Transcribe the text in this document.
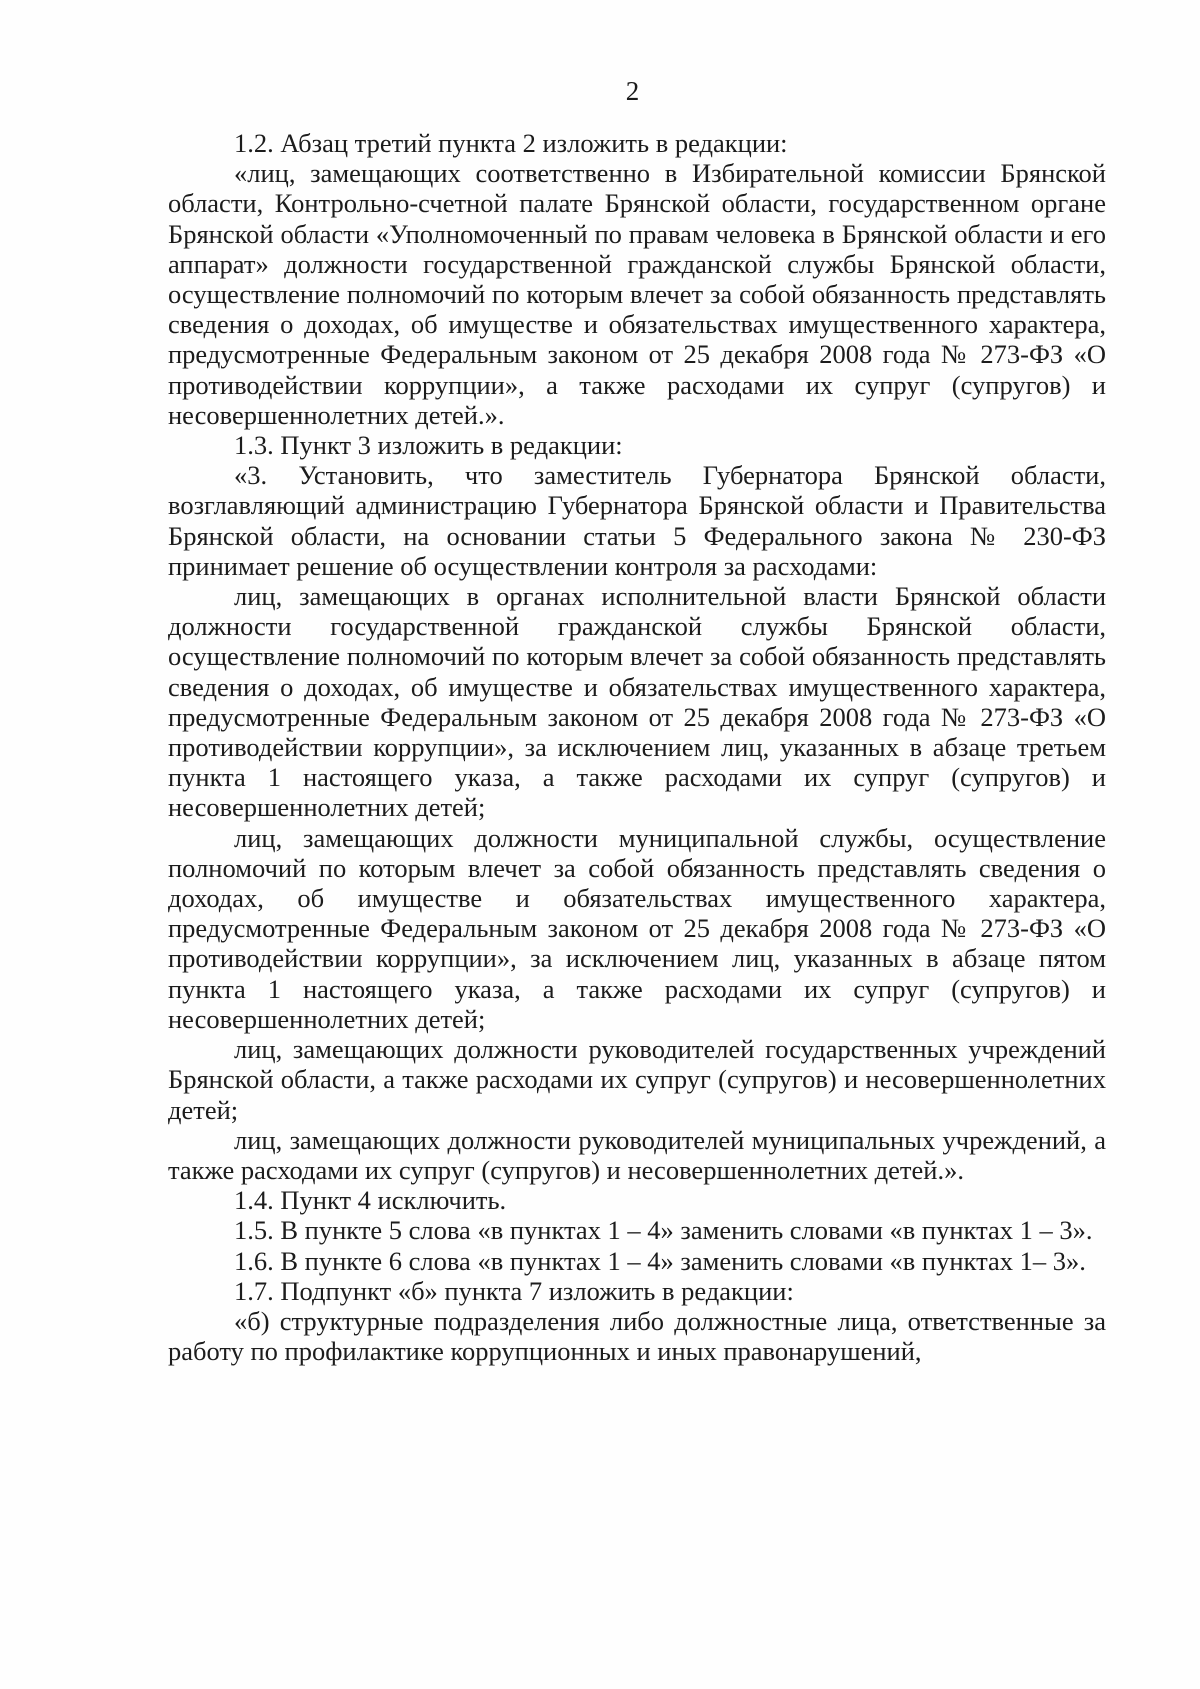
2

1.2. Абзац третий пункта 2 изложить в редакции:

«лиц, замещающих соответственно в Избирательной комиссии Брянской области, Контрольно-счетной палате Брянской области, государственном органе Брянской области «Уполномоченный по правам человека в Брянской области и его аппарат» должности государственной гражданской службы Брянской области, осуществление полномочий по которым влечет за собой обязанность представлять сведения о доходах, об имуществе и обязательствах имущественного характера, предусмотренные Федеральным законом от 25 декабря 2008 года № 273-ФЗ «О противодействии коррупции», а также расходами их супруг (супругов) и несовершеннолетних детей.».

1.3. Пункт 3 изложить в редакции:

«3. Установить, что заместитель Губернатора Брянской области, возглавляющий администрацию Губернатора Брянской области и Правительства Брянской области, на основании статьи 5 Федерального закона № 230-ФЗ принимает решение об осуществлении контроля за расходами:

лиц, замещающих в органах исполнительной власти Брянской области должности государственной гражданской службы Брянской области, осуществление полномочий по которым влечет за собой обязанность представлять сведения о доходах, об имуществе и обязательствах имущественного характера, предусмотренные Федеральным законом от 25 декабря 2008 года № 273-ФЗ «О противодействии коррупции», за исключением лиц, указанных в абзаце третьем пункта 1 настоящего указа, а также расходами их супруг (супругов) и несовершеннолетних детей;

лиц, замещающих должности муниципальной службы, осуществление полномочий по которым влечет за собой обязанность представлять сведения о доходах, об имуществе и обязательствах имущественного характера, предусмотренные Федеральным законом от 25 декабря 2008 года № 273-ФЗ «О противодействии коррупции», за исключением лиц, указанных в абзаце пятом пункта 1 настоящего указа, а также расходами их супруг (супругов) и несовершеннолетних детей;

лиц, замещающих должности руководителей государственных учреждений Брянской области, а также расходами их супруг (супругов) и несовершеннолетних детей;

лиц, замещающих должности руководителей муниципальных учреждений, а также расходами их супруг (супругов) и несовершеннолетних детей.».

1.4. Пункт 4 исключить.

1.5. В пункте 5 слова «в пунктах 1 – 4» заменить словами «в пунктах 1 – 3».

1.6. В пункте 6 слова «в пунктах 1 – 4» заменить словами «в пунктах 1– 3».

1.7. Подпункт «б» пункта 7 изложить в редакции:

«б) структурные подразделения либо должностные лица, ответственные за работу по профилактике коррупционных и иных правонарушений,
